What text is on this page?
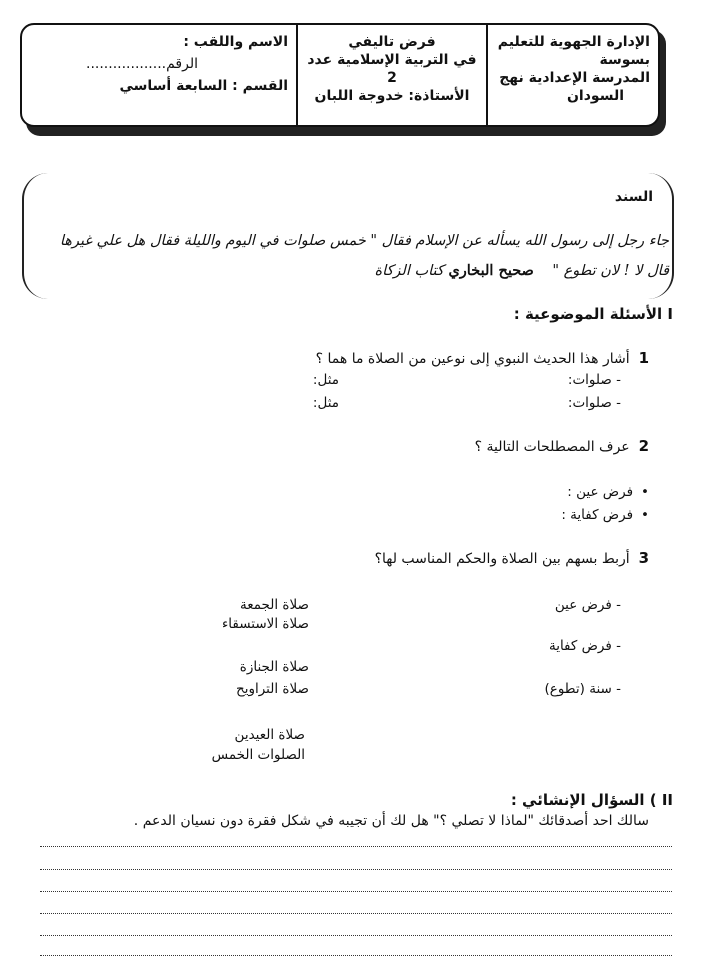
الإدارة الجهوية للتعليم
بسوسة
المدرسة الإعدادية نهج
السودان
فرض تاليفي
في التربية الإسلامية عدد 2
الأستاذة: خدوجة اللبان
الاسم واللقب :
الرقم..................
القسم : السابعة أساسي
السند
جاء رجل إلى رسول الله يسأله عن الإسلام فقال " خمس صلوات في اليوم والليلة فقال هل علي غيرها
قال لا ! لان تطوع "    صحيح البخاري كتاب الزكاة
I الأسئلة الموضوعية :
1  أشار هذا الحديث النبوي إلى نوعين من الصلاة ما هما ؟
- صلوات:
مثل:
- صلوات:
مثل:
2  عرف المصطلحات التالية ؟
• فرض عين :
• فرض كفاية :
3  أربط بسهم بين الصلاة والحكم المناسب لها؟
- فرض عين
- فرض كفاية
- سنة (تطوع)
صلاة الجمعة
صلاة الاستسقاء
صلاة الجنازة
صلاة التراويح
صلاة العيدين
الصلوات الخمس
II ) السؤال الإنشائي :
سالك احد أصدقائك "لماذا لا تصلي ؟" هل لك أن تجيبه في شكل فقرة دون نسيان الدعم .
